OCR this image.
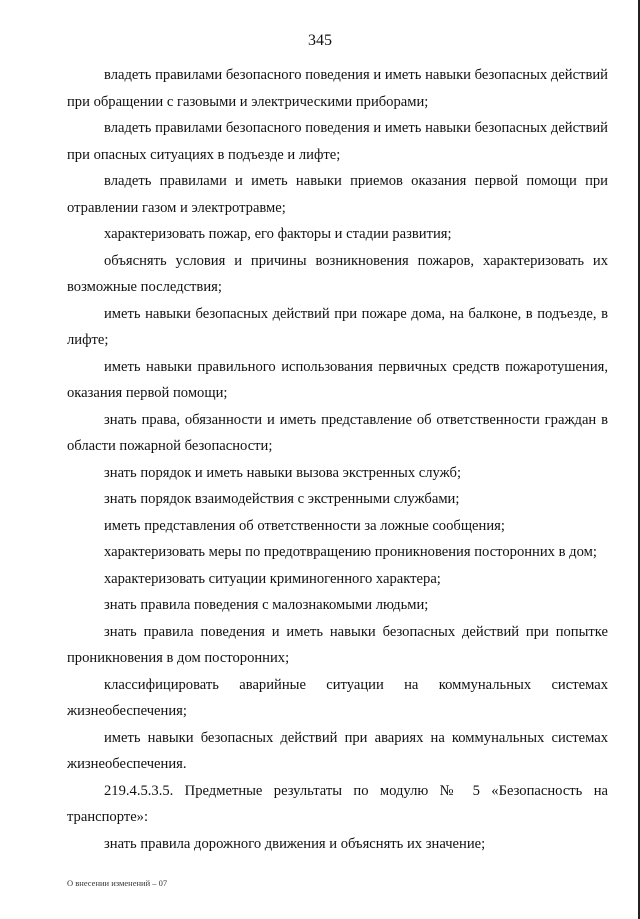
345

владеть правилами безопасного поведения и иметь навыки безопасных действий при обращении с газовыми и электрическими приборами;

владеть правилами безопасного поведения и иметь навыки безопасных действий при опасных ситуациях в подъезде и лифте;

владеть правилами и иметь навыки приемов оказания первой помощи при отравлении газом и электротравме;

характеризовать пожар, его факторы и стадии развития;

объяснять условия и причины возникновения пожаров, характеризовать их возможные последствия;

иметь навыки безопасных действий при пожаре дома, на балконе, в подъезде, в лифте;

иметь навыки правильного использования первичных средств пожаротушения, оказания первой помощи;

знать права, обязанности и иметь представление об ответственности граждан в области пожарной безопасности;

знать порядок и иметь навыки вызова экстренных служб;

знать порядок взаимодействия с экстренными службами;

иметь представления об ответственности за ложные сообщения;

характеризовать меры по предотвращению проникновения посторонних в дом;

характеризовать ситуации криминогенного характера;

знать правила поведения с малознакомыми людьми;

знать правила поведения и иметь навыки безопасных действий при попытке проникновения в дом посторонних;

классифицировать аварийные ситуации на коммунальных системах жизнеобеспечения;

иметь навыки безопасных действий при авариях на коммунальных системах жизнеобеспечения.

219.4.5.3.5. Предметные результаты по модулю № 5 «Безопасность на транспорте»:

знать правила дорожного движения и объяснять их значение;

О внесении изменений – 07
